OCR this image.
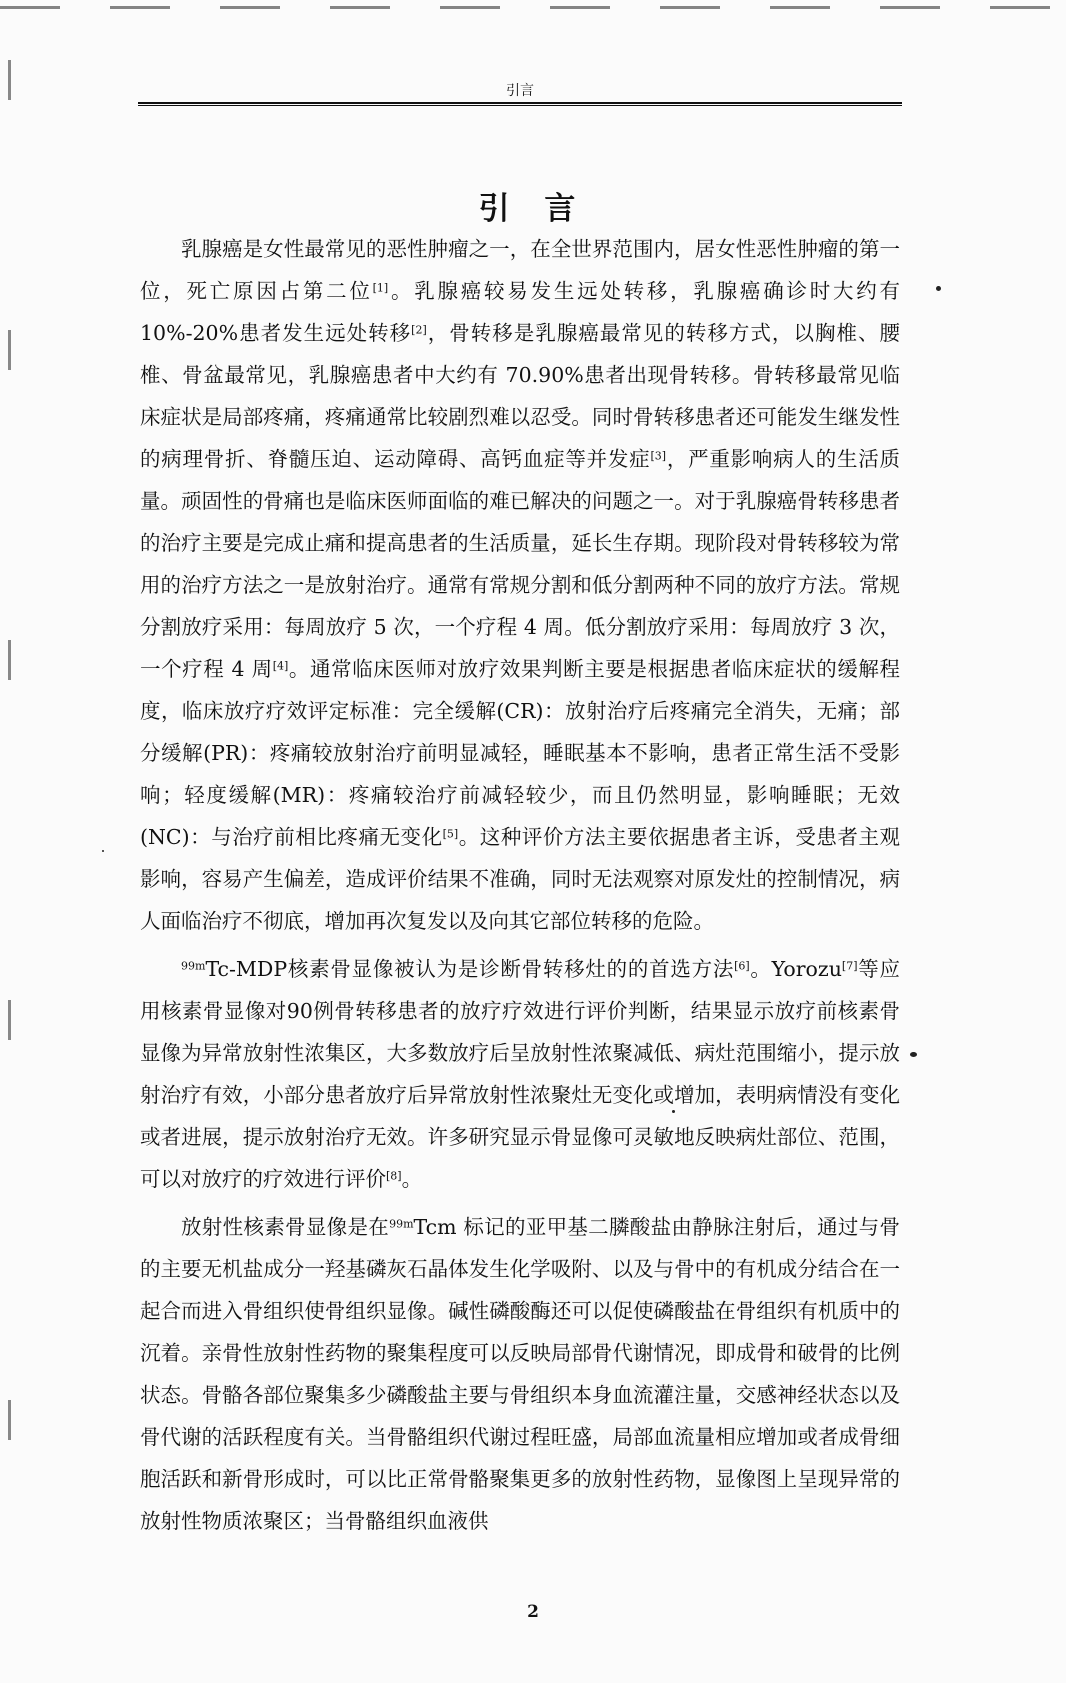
引言
引 言

乳腺癌是女性最常见的恶性肿瘤之一，在全世界范围内，居女性恶性肿瘤的第一位，死亡原因占第二位[1]。乳腺癌较易发生远处转移，乳腺癌确诊时大约有10%-20%患者发生远处转移[2]，骨转移是乳腺癌最常见的转移方式，以胸椎、腰椎、骨盆最常见，乳腺癌患者中大约有 70.90%患者出现骨转移。骨转移最常见临床症状是局部疼痛，疼痛通常比较剧烈难以忍受。同时骨转移患者还可能发生继发性的病理骨折、脊髓压迫、运动障碍、高钙血症等并发症[3]，严重影响病人的生活质量。顽固性的骨痛也是临床医师面临的难已解决的问题之一。对于乳腺癌骨转移患者的治疗主要是完成止痛和提高患者的生活质量，延长生存期。现阶段对骨转移较为常用的治疗方法之一是放射治疗。通常有常规分割和低分割两种不同的放疗方法。常规分割放疗采用：每周放疗 5 次，一个疗程 4 周。低分割放疗采用：每周放疗 3 次，一个疗程 4 周[4]。通常临床医师对放疗效果判断主要是根据患者临床症状的缓解程度，临床放疗疗效评定标准：完全缓解(CR)：放射治疗后疼痛完全消失，无痛；部分缓解(PR)：疼痛较放射治疗前明显减轻，睡眠基本不影响，患者正常生活不受影响；轻度缓解(MR)：疼痛较治疗前减轻较少，而且仍然明显，影响睡眠；无效(NC)：与治疗前相比疼痛无变化[5]。这种评价方法主要依据患者主诉，受患者主观影响，容易产生偏差，造成评价结果不准确，同时无法观察对原发灶的控制情况，病人面临治疗不彻底，增加再次复发以及向其它部位转移的危险。

$^{99m}$Tc-MDP核素骨显像被认为是诊断骨转移灶的的首选方法[6]。Yorozu[7]等应用核素骨显像对90例骨转移患者的放疗疗效进行评价判断，结果显示放疗前核素骨显像为异常放射性浓集区，大多数放疗后呈放射性浓聚减低、病灶范围缩小，提示放射治疗有效，小部分患者放疗后异常放射性浓聚灶无变化或增加，表明病情没有变化或者进展，提示放射治疗无效。许多研究显示骨显像可灵敏地反映病灶部位、范围，可以对放疗的疗效进行评价[8]。

放射性核素骨显像是在$^{99m}$Tcm 标记的亚甲基二膦酸盐由静脉注射后，通过与骨的主要无机盐成分一羟基磷灰石晶体发生化学吸附、以及与骨中的有机成分结合在一起合而进入骨组织使骨组织显像。碱性磷酸酶还可以促使磷酸盐在骨组织有机质中的沉着。亲骨性放射性药物的聚集程度可以反映局部骨代谢情况，即成骨和破骨的比例状态。骨骼各部位聚集多少磷酸盐主要与骨组织本身血流灌注量，交感神经状态以及骨代谢的活跃程度有关。当骨骼组织代谢过程旺盛，局部血流量相应增加或者成骨细胞活跃和新骨形成时，可以比正常骨骼聚集更多的放射性药物，显像图上呈现异常的放射性物质浓聚区；当骨骼组织血液供

2
